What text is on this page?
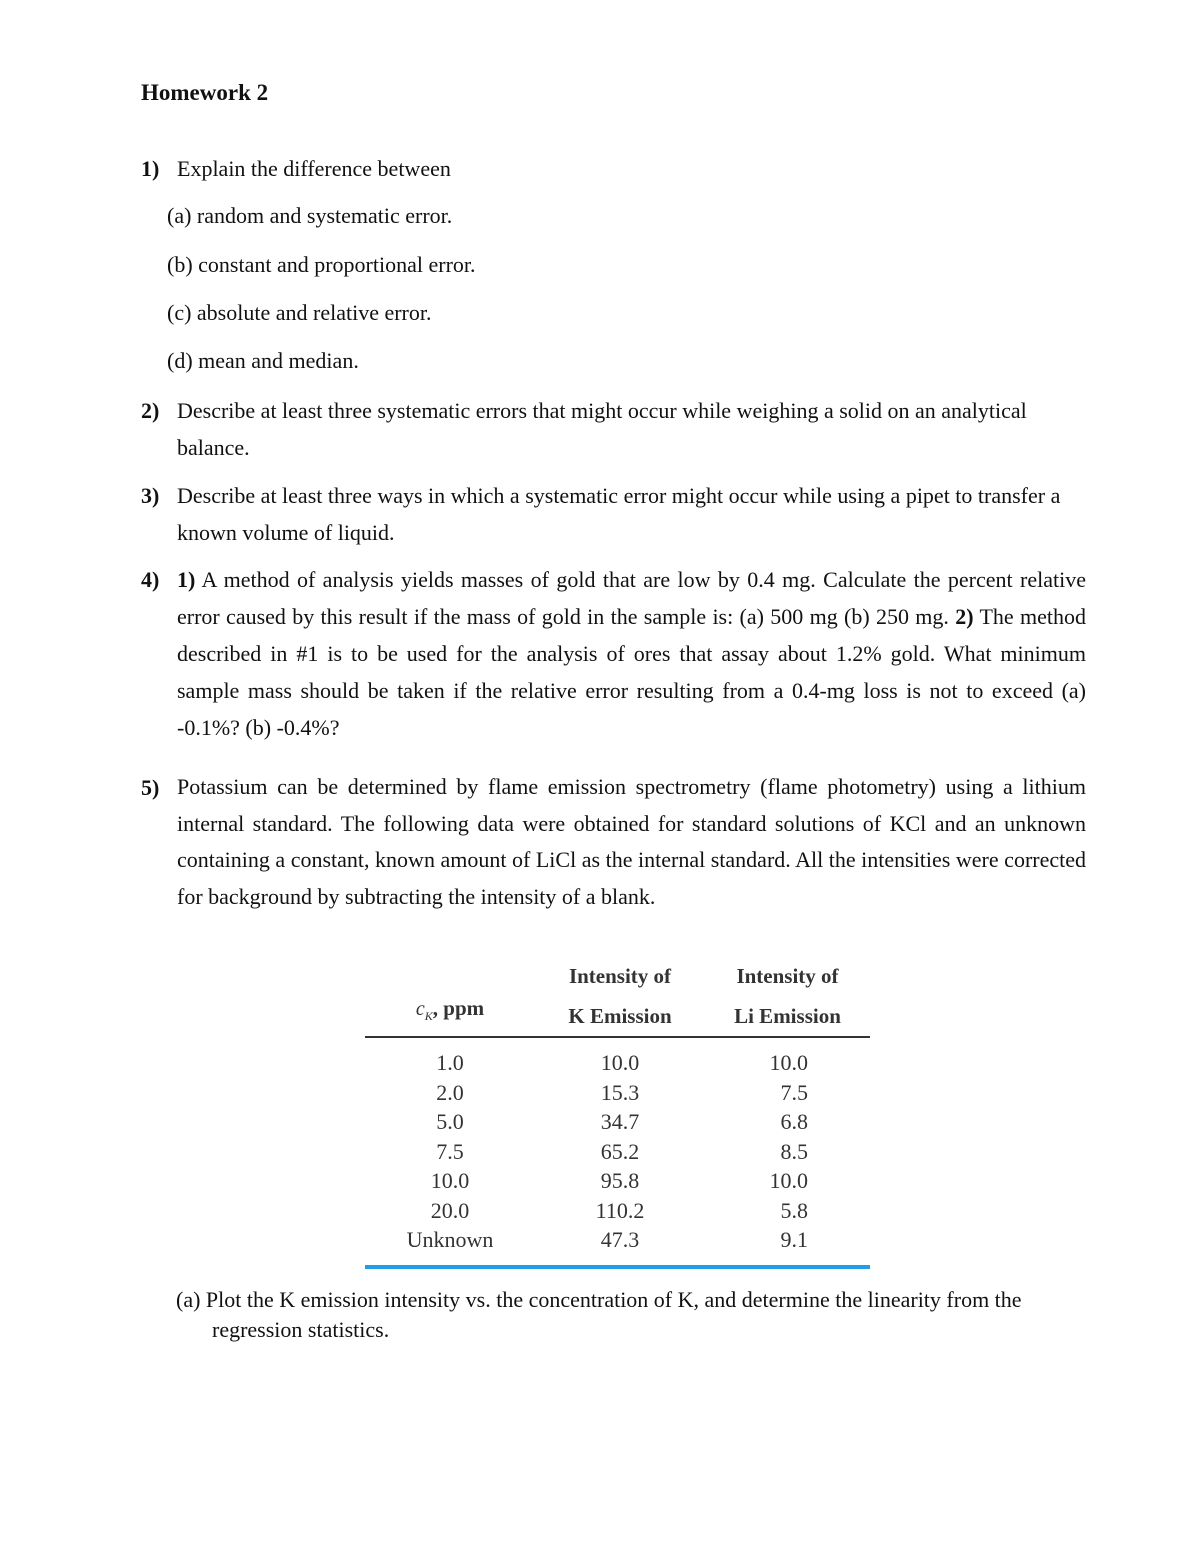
Homework 2
1) Explain the difference between
(a) random and systematic error.
(b) constant and proportional error.
(c) absolute and relative error.
(d) mean and median.
2) Describe at least three systematic errors that might occur while weighing a solid on an analytical balance.
3) Describe at least three ways in which a systematic error might occur while using a pipet to transfer a known volume of liquid.
4) 1) A method of analysis yields masses of gold that are low by 0.4 mg. Calculate the percent relative error caused by this result if the mass of gold in the sample is: (a) 500 mg (b) 250 mg. 2) The method described in #1 is to be used for the analysis of ores that assay about 1.2% gold. What minimum sample mass should be taken if the relative error resulting from a 0.4-mg loss is not to exceed (a) -0.1%? (b) -0.4%?
5) Potassium can be determined by flame emission spectrometry (flame photometry) using a lithium internal standard. The following data were obtained for standard solutions of KCl and an unknown containing a constant, known amount of LiCl as the internal standard. All the intensities were corrected for background by subtracting the intensity of a blank.
	Intensity of	Intensity of
$c_K$, ppm	K Emission	Li Emission
1.0	10.0	10.0
2.0	15.3	7.5
5.0	34.7	6.8
7.5	65.2	8.5
10.0	95.8	10.0
20.0	110.2	5.8
Unknown	47.3	9.1
(a) Plot the K emission intensity vs. the concentration of K, and determine the linearity from the regression statistics.
